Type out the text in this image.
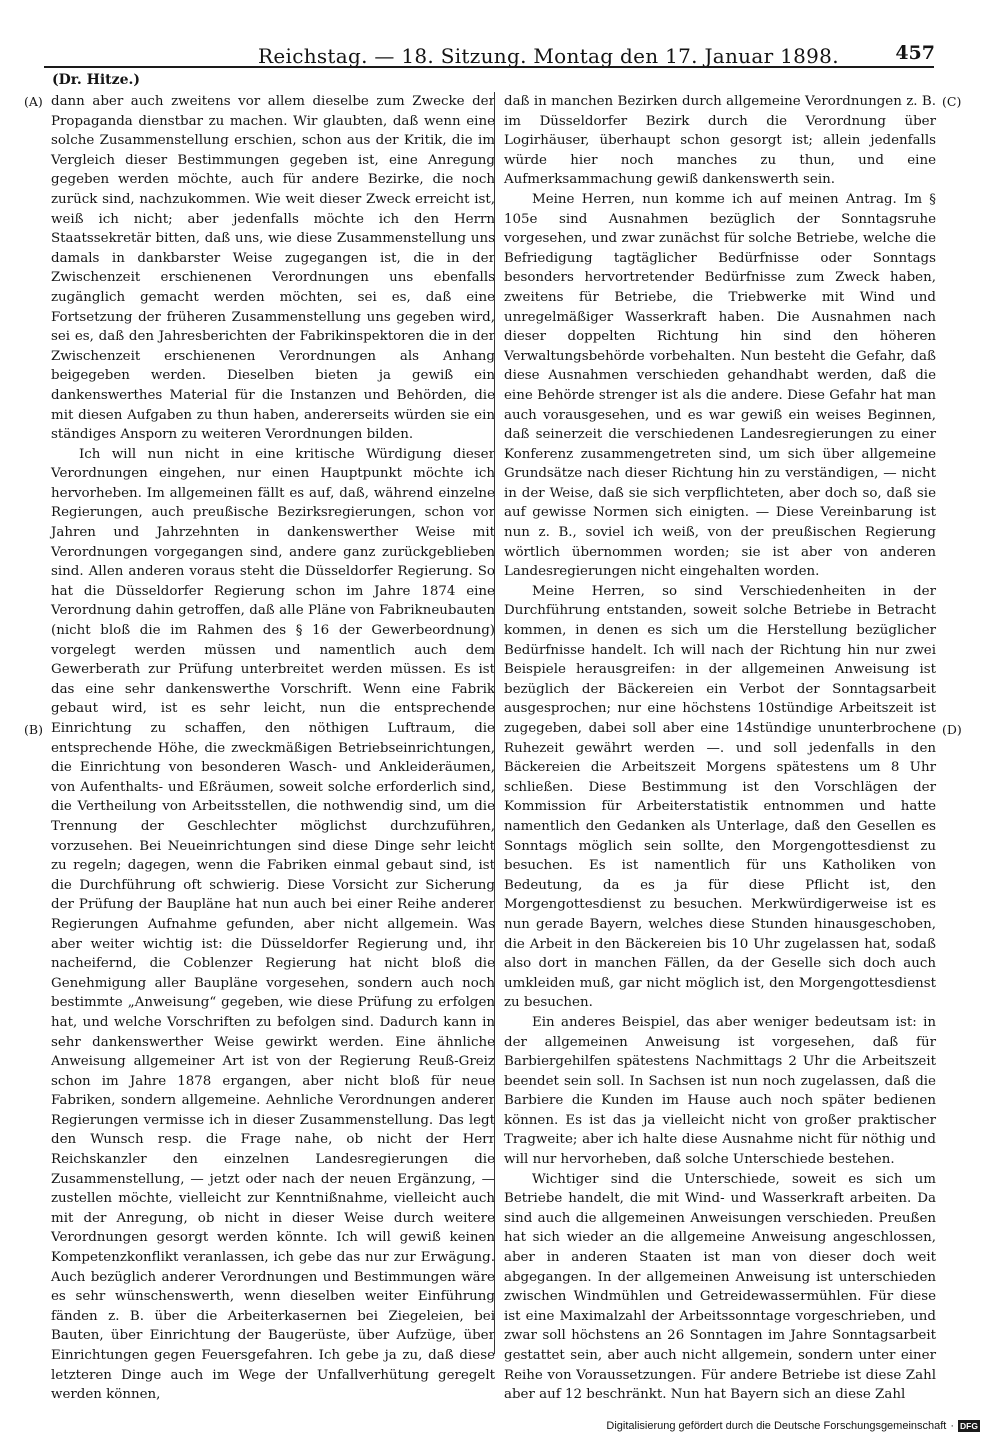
Reichstag. — 18. Sitzung. Montag den 17. Januar 1898.	457
(Dr. Hitze.)
(A)
(B)
(C)
(D)

dann aber auch zweitens vor allem dieselbe zum Zwecke der Propaganda dienstbar zu machen. Wir glaubten, daß wenn eine solche Zusammenstellung erschien, schon aus der Kritik, die im Vergleich dieser Bestimmungen gegeben ist, eine Anregung gegeben werden möchte, auch für andere Bezirke, die noch zurück sind, nachzukommen. Wie weit dieser Zweck erreicht ist, weiß ich nicht; aber jedenfalls möchte ich den Herrn Staatssekretär bitten, daß uns, wie diese Zusammenstellung uns damals in dankbarster Weise zugegangen ist, die in der Zwischenzeit erschienenen Verordnungen uns ebenfalls zugänglich gemacht werden möchten, sei es, daß eine Fortsetzung der früheren Zusammenstellung uns gegeben wird, sei es, daß den Jahresberichten der Fabrikinspektoren die in der Zwischenzeit erschienenen Verordnungen als Anhang beigegeben werden. Dieselben bieten ja gewiß ein dankenswerthes Material für die Instanzen und Behörden, die mit diesen Aufgaben zu thun haben, andererseits würden sie ein ständiges Ansporn zu weiteren Verordnungen bilden.

Ich will nun nicht in eine kritische Würdigung dieser Verordnungen eingehen, nur einen Hauptpunkt möchte ich hervorheben. Im allgemeinen fällt es auf, daß, während einzelne Regierungen, auch preußische Bezirksregierungen, schon vor Jahren und Jahrzehnten in dankenswerther Weise mit Verordnungen vorgegangen sind, andere ganz zurückgeblieben sind. Allen anderen voraus steht die Düsseldorfer Regierung. So hat die Düsseldorfer Regierung schon im Jahre 1874 eine Verordnung dahin getroffen, daß alle Pläne von Fabrikneubauten (nicht bloß die im Rahmen des § 16 der Gewerbeordnung) vorgelegt werden müssen und namentlich auch dem Gewerberath zur Prüfung unterbreitet werden müssen. Es ist das eine sehr dankenswerthe Vorschrift. Wenn eine Fabrik gebaut wird, ist es sehr leicht, nun die entsprechende Einrichtung zu schaffen, den nöthigen Luftraum, die entsprechende Höhe, die zweckmäßigen Betriebseinrichtungen, die Einrichtung von besonderen Wasch- und Ankleideräumen, von Aufenthalts- und Eßräumen, soweit solche erforderlich sind, die Vertheilung von Arbeitsstellen, die nothwendig sind, um die Trennung der Geschlechter möglichst durchzuführen, vorzusehen. Bei Neueinrichtungen sind diese Dinge sehr leicht zu regeln; dagegen, wenn die Fabriken einmal gebaut sind, ist die Durchführung oft schwierig. Diese Vorsicht zur Sicherung der Prüfung der Baupläne hat nun auch bei einer Reihe anderer Regierungen Aufnahme gefunden, aber nicht allgemein. Was aber weiter wichtig ist: die Düsseldorfer Regierung und, ihr nacheifernd, die Coblenzer Regierung hat nicht bloß die Genehmigung aller Baupläne vorgesehen, sondern auch noch bestimmte „Anweisung“ gegeben, wie diese Prüfung zu erfolgen hat, und welche Vorschriften zu befolgen sind. Dadurch kann in sehr dankenswerther Weise gewirkt werden. Eine ähnliche Anweisung allgemeiner Art ist von der Regierung Reuß-Greiz schon im Jahre 1878 ergangen, aber nicht bloß für neue Fabriken, sondern allgemeine. Aehnliche Verordnungen anderer Regierungen vermisse ich in dieser Zusammenstellung. Das legt den Wunsch resp. die Frage nahe, ob nicht der Herr Reichskanzler den einzelnen Landesregierungen die Zusammenstellung, — jetzt oder nach der neuen Ergänzung, — zustellen möchte, vielleicht zur Kenntnißnahme, vielleicht auch mit der Anregung, ob nicht in dieser Weise durch weitere Verordnungen gesorgt werden könnte. Ich will gewiß keinen Kompetenzkonflikt veranlassen, ich gebe das nur zur Erwägung. Auch bezüglich anderer Verordnungen und Bestimmungen wäre es sehr wünschenswerth, wenn dieselben weiter Einführung fänden z. B. über die Arbeiterkasernen bei Ziegeleien, bei Bauten, über Einrichtung der Baugerüste, über Aufzüge, über Einrichtungen gegen Feuersgefahren. Ich gebe ja zu, daß diese letzteren Dinge auch im Wege der Unfallverhütung geregelt werden können,

daß in manchen Bezirken durch allgemeine Verordnungen z. B. im Düsseldorfer Bezirk durch die Verordnung über Logirhäuser, überhaupt schon gesorgt ist; allein jedenfalls würde hier noch manches zu thun, und eine Aufmerksammachung gewiß dankenswerth sein.

Meine Herren, nun komme ich auf meinen Antrag. Im § 105e sind Ausnahmen bezüglich der Sonntagsruhe vorgesehen, und zwar zunächst für solche Betriebe, welche die Befriedigung tagtäglicher Bedürfnisse oder Sonntags besonders hervortretender Bedürfnisse zum Zweck haben, zweitens für Betriebe, die Triebwerke mit Wind und unregelmäßiger Wasserkraft haben. Die Ausnahmen nach dieser doppelten Richtung hin sind den höheren Verwaltungsbehörde vorbehalten. Nun besteht die Gefahr, daß diese Ausnahmen verschieden gehandhabt werden, daß die eine Behörde strenger ist als die andere. Diese Gefahr hat man auch vorausgesehen, und es war gewiß ein weises Beginnen, daß seinerzeit die verschiedenen Landesregierungen zu einer Konferenz zusammengetreten sind, um sich über allgemeine Grundsätze nach dieser Richtung hin zu verständigen, — nicht in der Weise, daß sie sich verpflichteten, aber doch so, daß sie auf gewisse Normen sich einigten. — Diese Vereinbarung ist nun z. B., soviel ich weiß, von der preußischen Regierung wörtlich übernommen worden; sie ist aber von anderen Landesregierungen nicht eingehalten worden.

Meine Herren, so sind Verschiedenheiten in der Durchführung entstanden, soweit solche Betriebe in Betracht kommen, in denen es sich um die Herstellung bezüglicher Bedürfnisse handelt. Ich will nach der Richtung hin nur zwei Beispiele herausgreifen: in der allgemeinen Anweisung ist bezüglich der Bäckereien ein Verbot der Sonntagsarbeit ausgesprochen; nur eine höchstens 10stündige Arbeitszeit ist zugegeben, dabei soll aber eine 14stündige ununterbrochene Ruhezeit gewährt werden —. und soll jedenfalls in den Bäckereien die Arbeitszeit Morgens spätestens um 8 Uhr schließen. Diese Bestimmung ist den Vorschlägen der Kommission für Arbeiterstatistik entnommen und hatte namentlich den Gedanken als Unterlage, daß den Gesellen es Sonntags möglich sein sollte, den Morgengottesdienst zu besuchen. Es ist namentlich für uns Katholiken von Bedeutung, da es ja für diese Pflicht ist, den Morgengottesdienst zu besuchen. Merkwürdigerweise ist es nun gerade Bayern, welches diese Stunden hinausgeschoben, die Arbeit in den Bäckereien bis 10 Uhr zugelassen hat, sodaß also dort in manchen Fällen, da der Geselle sich doch auch umkleiden muß, gar nicht möglich ist, den Morgengottesdienst zu besuchen.

Ein anderes Beispiel, das aber weniger bedeutsam ist: in der allgemeinen Anweisung ist vorgesehen, daß für Barbiergehilfen spätestens Nachmittags 2 Uhr die Arbeitszeit beendet sein soll. In Sachsen ist nun noch zugelassen, daß die Barbiere die Kunden im Hause auch noch später bedienen können. Es ist das ja vielleicht nicht von großer praktischer Tragweite; aber ich halte diese Ausnahme nicht für nöthig und will nur hervorheben, daß solche Unterschiede bestehen.

Wichtiger sind die Unterschiede, soweit es sich um Betriebe handelt, die mit Wind- und Wasserkraft arbeiten. Da sind auch die allgemeinen Anweisungen verschieden. Preußen hat sich wieder an die allgemeine Anweisung angeschlossen, aber in anderen Staaten ist man von dieser doch weit abgegangen. In der allgemeinen Anweisung ist unterschieden zwischen Windmühlen und Getreidewassermühlen. Für diese ist eine Maximalzahl der Arbeitssonntage vorgeschrieben, und zwar soll höchstens an 26 Sonntagen im Jahre Sonntagsarbeit gestattet sein, aber auch nicht allgemein, sondern unter einer Reihe von Voraussetzungen. Für andere Betriebe ist diese Zahl aber auf 12 beschränkt. Nun hat Bayern sich an diese Zahl

Digitalisierung gefördert durch die Deutsche Forschungsgemeinschaft · DFG
